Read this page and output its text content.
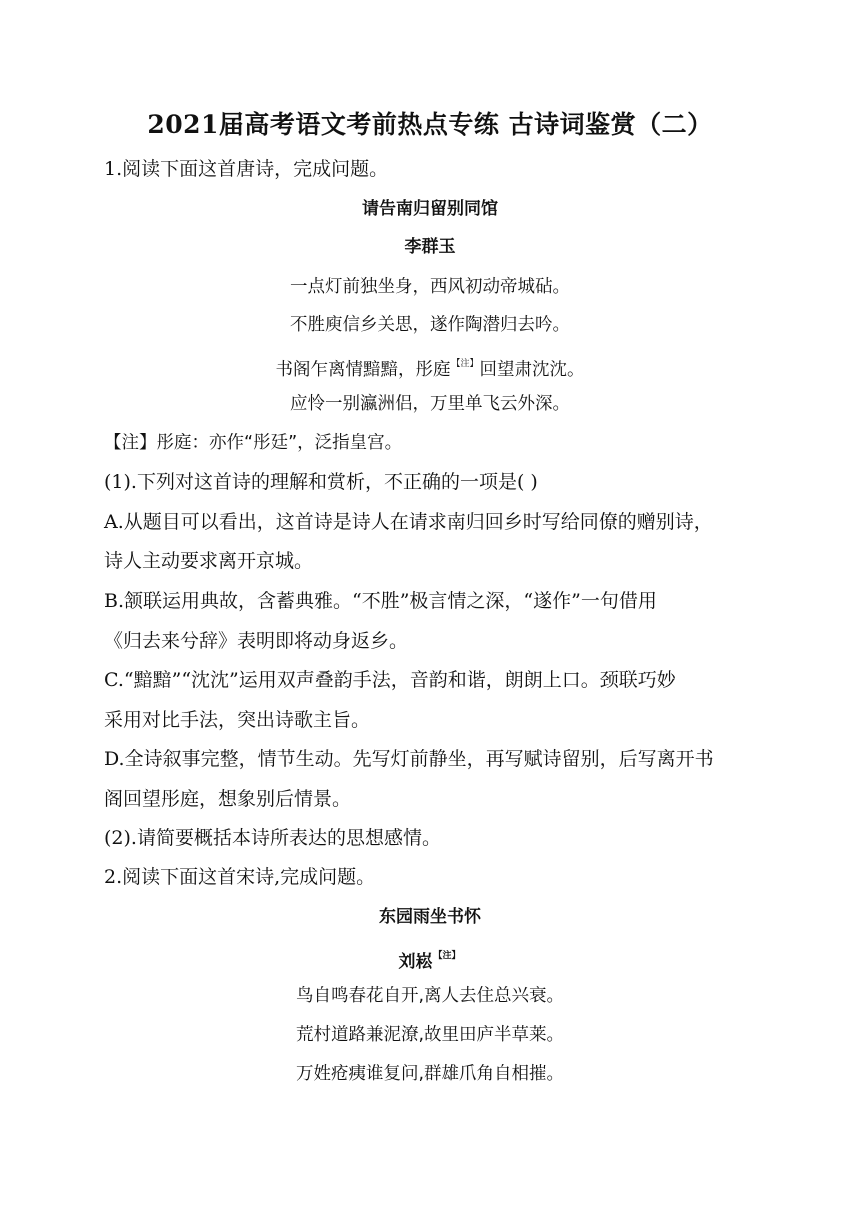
2021届高考语文考前热点专练 古诗词鉴赏（二）
1.阅读下面这首唐诗，完成问题。
请告南归留别同馆
李群玉
一点灯前独坐身，西风初动帝城砧。
不胜庾信乡关思，遂作陶潜归去吟。
书阁乍离情黯黯，彤庭$^{【注】}$回望肃沈沈。
应怜一别瀛洲侣，万里单飞云外深。
【注】彤庭：亦作“彤廷”，泛指皇宫。
(1).下列对这首诗的理解和赏析，不正确的一项是( )
A.从题目可以看出，这首诗是诗人在请求南归回乡时写给同僚的赠别诗，
诗人主动要求离开京城。
B.颔联运用典故，含蓄典雅。“不胜”极言情之深，“遂作”一句借用
《归去来兮辞》表明即将动身返乡。
C.“黯黯”“沈沈”运用双声叠韵手法，音韵和谐，朗朗上口。颈联巧妙
采用对比手法，突出诗歌主旨。
D.全诗叙事完整，情节生动。先写灯前静坐，再写赋诗留别，后写离开书
阁回望彤庭，想象别后情景。
(2).请简要概括本诗所表达的思想感情。
2.阅读下面这首宋诗,完成问题。
东园雨坐书怀
刘崧$^{【注】}$
鸟自鸣春花自开,离人去住总兴衰。
荒村道路兼泥潦,故里田庐半草莱。
万姓疮痍谁复问,群雄爪角自相摧。
